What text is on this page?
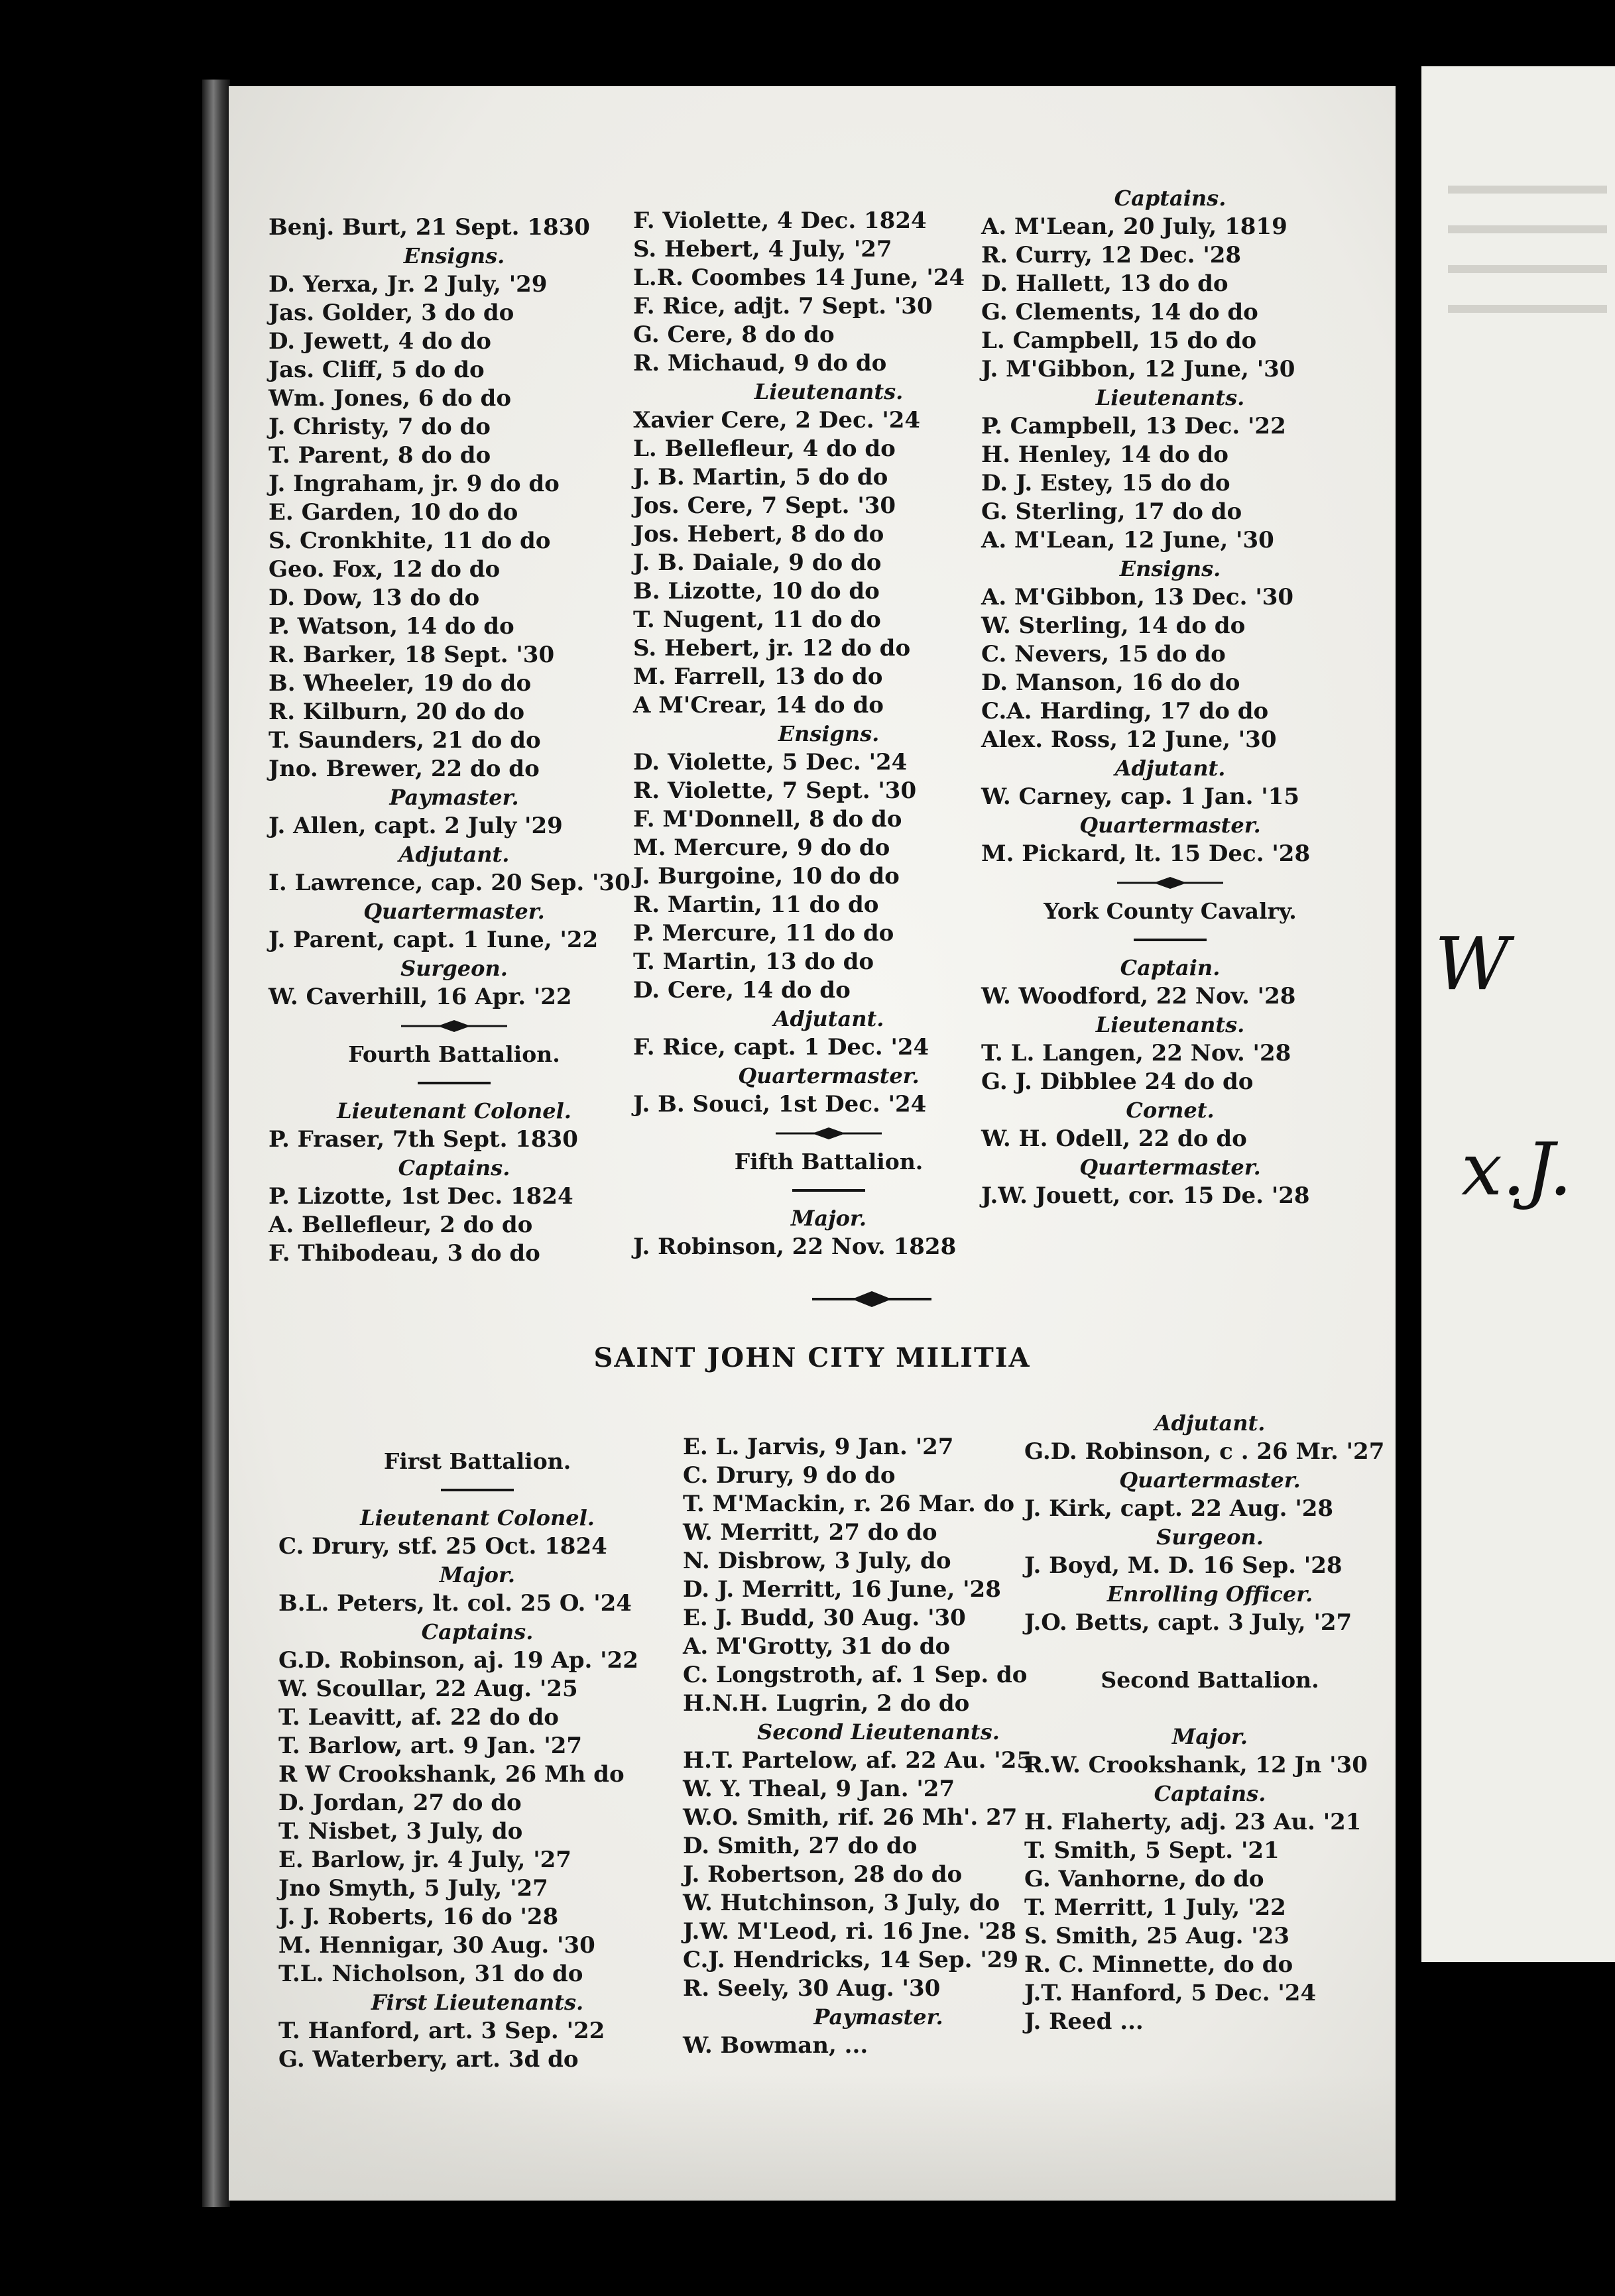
Benj. Burt, 21 Sept. 1830
Ensigns.
D. Yerxa, Jr. 2 July, '29
Jas. Golder, 3 do do
D. Jewett, 4 do do
Jas. Cliff, 5 do do
Wm. Jones, 6 do do
J. Christy, 7 do do
T. Parent, 8 do do
J. Ingraham, jr. 9 do do
E. Garden, 10 do do
S. Cronkhite, 11 do do
Geo. Fox, 12 do do
D. Dow, 13 do do
P. Watson, 14 do do
R. Barker, 18 Sept. '30
B. Wheeler, 19 do do
R. Kilburn, 20 do do
T. Saunders, 21 do do
Jno. Brewer, 22 do do
Paymaster.
J. Allen, capt. 2 July '29
Adjutant.
I. Lawrence, cap. 20 Sep. '30
Quartermaster.
J. Parent, capt. 1 Iune, '22
Surgeon.
W. Caverhill, 16 Apr. '22
Fourth Battalion.
Lieutenant Colonel.
P. Fraser, 7th Sept. 1830
Captains.
P. Lizotte, 1st Dec. 1824
A. Bellefleur, 2 do do
F. Thibodeau, 3 do do
F. Violette, 4 Dec. 1824
S. Hebert, 4 July, '27
L.R. Coombes 14 June, '24
F. Rice, adjt. 7 Sept. '30
G. Cere, 8 do do
R. Michaud, 9 do do
Lieutenants.
Xavier Cere, 2 Dec. '24
L. Bellefleur, 4 do do
J. B. Martin, 5 do do
Jos. Cere, 7 Sept. '30
Jos. Hebert, 8 do do
J. B. Daiale, 9 do do
B. Lizotte, 10 do do
T. Nugent, 11 do do
S. Hebert, jr. 12 do do
M. Farrell, 13 do do
A M'Crear, 14 do do
Ensigns.
D. Violette, 5 Dec. '24
R. Violette, 7 Sept. '30
F. M'Donnell, 8 do do
M. Mercure, 9 do do
J. Burgoine, 10 do do
R. Martin, 11 do do
P. Mercure, 11 do do
T. Martin, 13 do do
D. Cere, 14 do do
Adjutant.
F. Rice, capt. 1 Dec. '24
Quartermaster.
J. B. Souci, 1st Dec. '24
Fifth Battalion.
Major.
J. Robinson, 22 Nov. 1828
Captains.
A. M'Lean, 20 July, 1819
R. Curry, 12 Dec. '28
D. Hallett, 13 do do
G. Clements, 14 do do
L. Campbell, 15 do do
J. M'Gibbon, 12 June, '30
Lieutenants.
P. Campbell, 13 Dec. '22
H. Henley, 14 do do
D. J. Estey, 15 do do
G. Sterling, 17 do do
A. M'Lean, 12 June, '30
Ensigns.
A. M'Gibbon, 13 Dec. '30
W. Sterling, 14 do do
C. Nevers, 15 do do
D. Manson, 16 do do
C.A. Harding, 17 do do
Alex. Ross, 12 June, '30
Adjutant.
W. Carney, cap. 1 Jan. '15
Quartermaster.
M. Pickard, lt. 15 Dec. '28
York County Cavalry.
Captain.
W. Woodford, 22 Nov. '28
Lieutenants.
T. L. Langen, 22 Nov. '28
G. J. Dibblee 24 do do
Cornet.
W. H. Odell, 22 do do
Quartermaster.
J.W. Jouett, cor. 15 De. '28
SAINT JOHN CITY MILITIA
First Battalion.
Lieutenant Colonel.
C. Drury, stf. 25 Oct. 1824
Major.
B.L. Peters, lt. col. 25 O. '24
Captains.
G.D. Robinson, aj. 19 Ap. '22
W. Scoullar, 22 Aug. '25
T. Leavitt, af. 22 do do
T. Barlow, art. 9 Jan. '27
R W Crookshank, 26 Mh do
D. Jordan, 27 do do
T. Nisbet, 3 July, do
E. Barlow, jr. 4 July, '27
Jno Smyth, 5 July, '27
J. J. Roberts, 16 do '28
M. Hennigar, 30 Aug. '30
T.L. Nicholson, 31 do do
First Lieutenants.
T. Hanford, art. 3 Sep. '22
G. Waterbery, art. 3d do
E. L. Jarvis, 9 Jan. '27
C. Drury, 9 do do
T. M'Mackin, r. 26 Mar. do
W. Merritt, 27 do do
N. Disbrow, 3 July, do
D. J. Merritt, 16 June, '28
E. J. Budd, 30 Aug. '30
A. M'Grotty, 31 do do
C. Longstroth, af. 1 Sep. do
H.N.H. Lugrin, 2 do do
Second Lieutenants.
H.T. Partelow, af. 22 Au. '25
W. Y. Theal, 9 Jan. '27
W.O. Smith, rif. 26 Mh'. 27
D. Smith, 27 do do
J. Robertson, 28 do do
W. Hutchinson, 3 July, do
J.W. M'Leod, ri. 16 Jne. '28
C.J. Hendricks, 14 Sep. '29
R. Seely, 30 Aug. '30
Paymaster.
W. Bowman, ...
Adjutant.
G.D. Robinson, c . 26 Mr. '27
Quartermaster.
J. Kirk, capt. 22 Aug. '28
Surgeon.
J. Boyd, M. D. 16 Sep. '28
Enrolling Officer.
J.O. Betts, capt. 3 July, '27

Second Battalion.

Major.
R.W. Crookshank, 12 Jn '30
Captains.
H. Flaherty, adj. 23 Au. '21
T. Smith, 5 Sept. '21
G. Vanhorne, do do
T. Merritt, 1 July, '22
S. Smith, 25 Aug. '23
R. C. Minnette, do do
J.T. Hanford, 5 Dec. '24
J. Reed ...
W
x.J.
